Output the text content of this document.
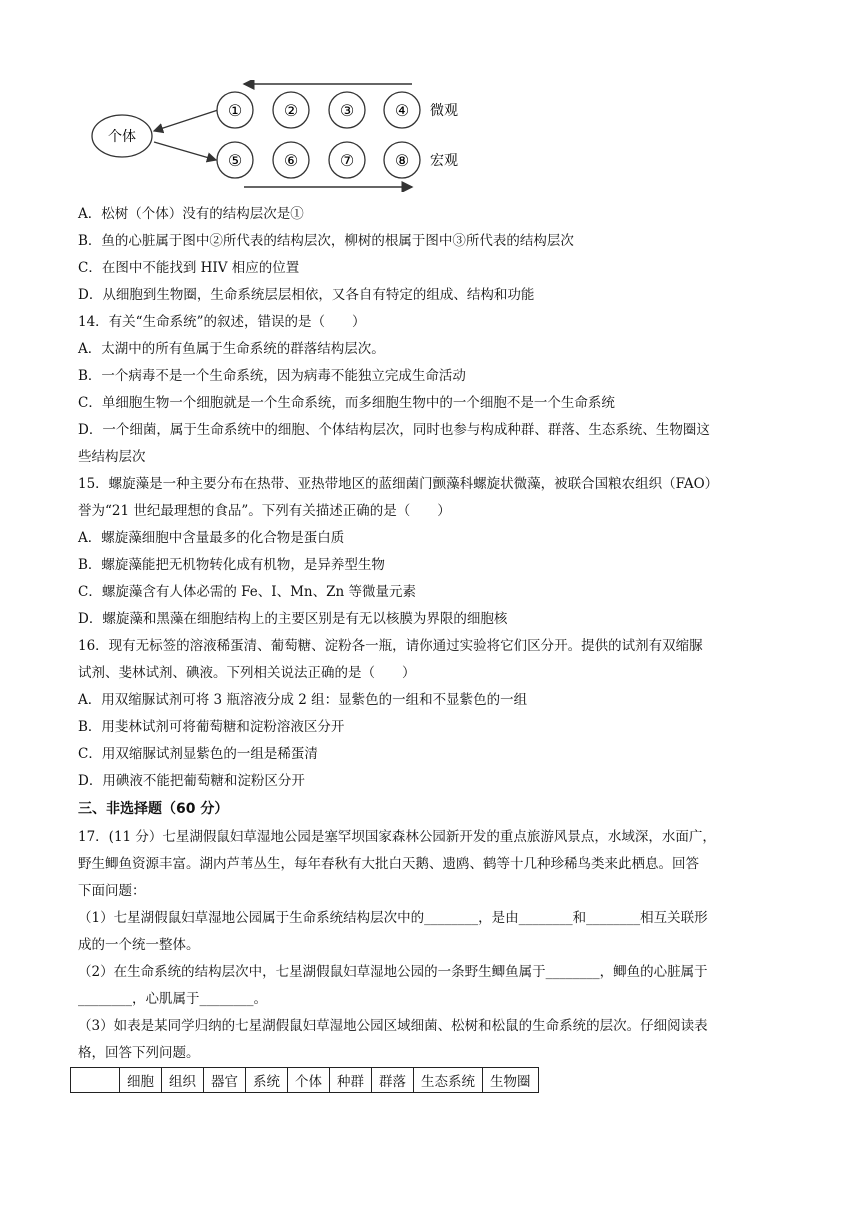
个体
①	②	③	④ 微观
⑤	⑥	⑦	⑧ 宏观
A．松树（个体）没有的结构层次是①
B．鱼的心脏属于图中②所代表的结构层次，柳树的根属于图中③所代表的结构层次
C．在图中不能找到 HIV 相应的位置
D．从细胞到生物圈，生命系统层层相依，又各自有特定的组成、结构和功能
14．有关“生命系统”的叙述，错误的是（　　）
A．太湖中的所有鱼属于生命系统的群落结构层次。
B．一个病毒不是一个生命系统，因为病毒不能独立完成生命活动
C．单细胞生物一个细胞就是一个生命系统，而多细胞生物中的一个细胞不是一个生命系统
D．一个细菌，属于生命系统中的细胞、个体结构层次，同时也参与构成种群、群落、生态系统、生物圈这
些结构层次
15．螺旋藻是一种主要分布在热带、亚热带地区的蓝细菌门颤藻科螺旋状微藻，被联合国粮农组织（FAO）
誉为“21 世纪最理想的食品”。下列有关描述正确的是（　　）
A．螺旋藻细胞中含量最多的化合物是蛋白质
B．螺旋藻能把无机物转化成有机物，是异养型生物
C．螺旋藻含有人体必需的 Fe、I、Mn、Zn 等微量元素
D．螺旋藻和黑藻在细胞结构上的主要区别是有无以核膜为界限的细胞核
16．现有无标签的溶液稀蛋清、葡萄糖、淀粉各一瓶，请你通过实验将它们区分开。提供的试剂有双缩脲
试剂、斐林试剂、碘液。下列相关说法正确的是（　　）
A．用双缩脲试剂可将 3 瓶溶液分成 2 组：显紫色的一组和不显紫色的一组
B．用斐林试剂可将葡萄糖和淀粉溶液区分开
C．用双缩脲试剂显紫色的一组是稀蛋清
D．用碘液不能把葡萄糖和淀粉区分开
三、非选择题（60 分）
17．(11 分）七星湖假鼠妇草湿地公园是塞罕坝国家森林公园新开发的重点旅游风景点，水域深，水面广，
野生鲫鱼资源丰富。湖内芦苇丛生，每年春秋有大批白天鹅、遗鸥、鹤等十几种珍稀鸟类来此栖息。回答
下面问题：
（1）七星湖假鼠妇草湿地公园属于生命系统结构层次中的________，是由________和________相互关联形
成的一个统一整体。
（2）在生命系统的结构层次中，七星湖假鼠妇草湿地公园的一条野生鲫鱼属于________，鲫鱼的心脏属于
________，心肌属于________。
（3）如表是某同学归纳的七星湖假鼠妇草湿地公园区域细菌、松树和松鼠的生命系统的层次。仔细阅读表
格，回答下列问题。
	细胞	组织	器官	系统	个体	种群	群落	生态系统	生物圈
